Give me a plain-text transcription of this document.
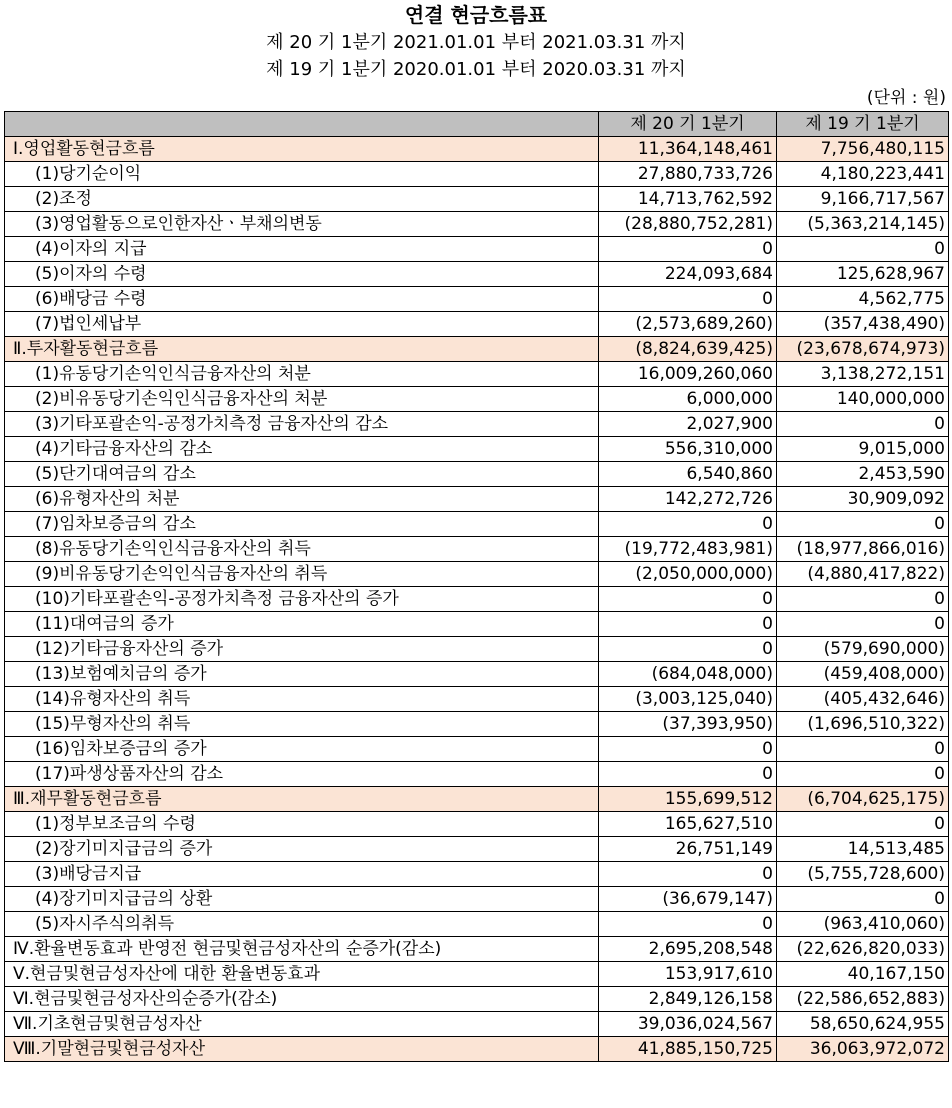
연결 현금흐름표
제 20 기 1분기 2021.01.01 부터 2021.03.31 까지
제 19 기 1분기 2020.01.01 부터 2020.03.31 까지
(단위 : 원)
	제 20 기 1분기	제 19 기 1분기
Ⅰ.영업활동현금흐름	11,364,148,461	7,756,480,115
(1)당기순이익	27,880,733,726	4,180,223,441
(2)조정	14,713,762,592	9,166,717,567
(3)영업활동으로인한자산ㆍ부채의변동	(28,880,752,281)	(5,363,214,145)
(4)이자의 지급	0	0
(5)이자의 수령	224,093,684	125,628,967
(6)배당금 수령	0	4,562,775
(7)법인세납부	(2,573,689,260)	(357,438,490)
Ⅱ.투자활동현금흐름	(8,824,639,425)	(23,678,674,973)
(1)유동당기손익인식금융자산의 처분	16,009,260,060	3,138,272,151
(2)비유동당기손익인식금융자산의 처분	6,000,000	140,000,000
(3)기타포괄손익-공정가치측정 금융자산의 감소	2,027,900	0
(4)기타금융자산의 감소	556,310,000	9,015,000
(5)단기대여금의 감소	6,540,860	2,453,590
(6)유형자산의 처분	142,272,726	30,909,092
(7)임차보증금의 감소	0	0
(8)유동당기손익인식금융자산의 취득	(19,772,483,981)	(18,977,866,016)
(9)비유동당기손익인식금융자산의 취득	(2,050,000,000)	(4,880,417,822)
(10)기타포괄손익-공정가치측정 금융자산의 증가	0	0
(11)대여금의 증가	0	0
(12)기타금융자산의 증가	0	(579,690,000)
(13)보험예치금의 증가	(684,048,000)	(459,408,000)
(14)유형자산의 취득	(3,003,125,040)	(405,432,646)
(15)무형자산의 취득	(37,393,950)	(1,696,510,322)
(16)임차보증금의 증가	0	0
(17)파생상품자산의 감소	0	0
Ⅲ.재무활동현금흐름	155,699,512	(6,704,625,175)
(1)정부보조금의 수령	165,627,510	0
(2)장기미지급금의 증가	26,751,149	14,513,485
(3)배당금지급	0	(5,755,728,600)
(4)장기미지급금의 상환	(36,679,147)	0
(5)자시주식의취득	0	(963,410,060)
Ⅳ.환율변동효과 반영전 현금및현금성자산의 순증가(감소)	2,695,208,548	(22,626,820,033)
Ⅴ.현금및현금성자산에 대한 환율변동효과	153,917,610	40,167,150
Ⅵ.현금및현금성자산의순증가(감소)	2,849,126,158	(22,586,652,883)
Ⅶ.기초현금및현금성자산	39,036,024,567	58,650,624,955
Ⅷ.기말현금및현금성자산	41,885,150,725	36,063,972,072
